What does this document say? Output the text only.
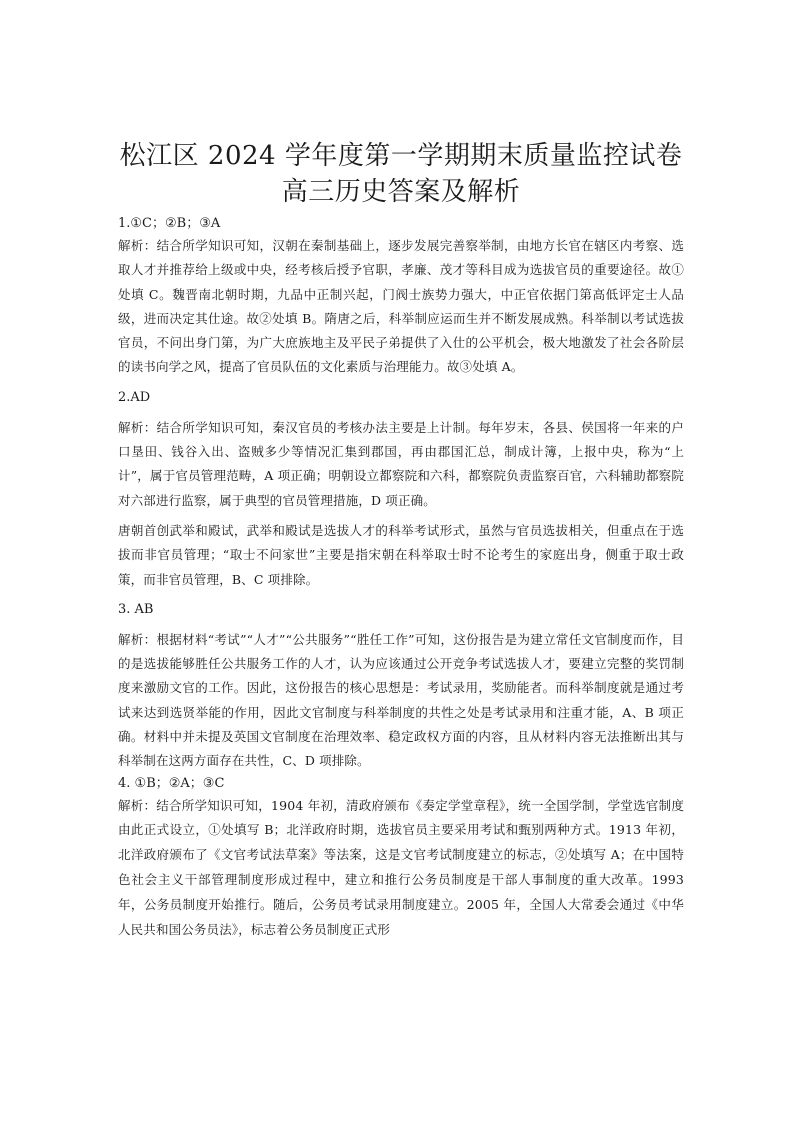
松江区 2024 学年度第一学期期末质量监控试卷
高三历史答案及解析

1.①C；②B；③A

解析：结合所学知识可知，汉朝在秦制基础上，逐步发展完善察举制，由地方长官在辖区内考察、选取人才并推荐给上级或中央，经考核后授予官职，孝廉、茂才等科目成为选拔官员的重要途径。故①处填 C。魏晋南北朝时期，九品中正制兴起，门阀士族势力强大，中正官依据门第高低评定士人品级，进而决定其仕途。故②处填 B。隋唐之后，科举制应运而生并不断发展成熟。科举制以考试选拔官员，不问出身门第，为广大庶族地主及平民子弟提供了入仕的公平机会，极大地激发了社会各阶层的读书向学之风，提高了官员队伍的文化素质与治理能力。故③处填 A。

2.AD

解析：结合所学知识可知，秦汉官员的考核办法主要是上计制。每年岁末，各县、侯国将一年来的户口垦田、钱谷入出、盗贼多少等情况汇集到郡国，再由郡国汇总，制成计簿，上报中央，称为“上计”，属于官员管理范畴，A 项正确；明朝设立都察院和六科，都察院负责监察百官，六科辅助都察院对六部进行监察，属于典型的官员管理措施，D 项正确。

唐朝首创武举和殿试，武举和殿试是选拔人才的科举考试形式，虽然与官员选拔相关，但重点在于选拔而非官员管理；“取士不问家世”主要是指宋朝在科举取士时不论考生的家庭出身，侧重于取士政策，而非官员管理，B、C 项排除。

3. AB

解析：根据材料“考试”“人才”“公共服务”“胜任工作”可知，这份报告是为建立常任文官制度而作，目的是选拔能够胜任公共服务工作的人才，认为应该通过公开竞争考试选拔人才，要建立完整的奖罚制度来激励文官的工作。因此，这份报告的核心思想是：考试录用，奖励能者。而科举制度就是通过考试来达到选贤举能的作用，因此文官制度与科举制度的共性之处是考试录用和注重才能，A、B 项正确。材料中并未提及英国文官制度在治理效率、稳定政权方面的内容，且从材料内容无法推断出其与科举制在这两方面存在共性，C、D 项排除。

4. ①B；②A；③C

解析：结合所学知识可知，1904 年初，清政府颁布《奏定学堂章程》，统一全国学制，学堂选官制度由此正式设立，①处填写 B；北洋政府时期，选拔官员主要采用考试和甄别两种方式。1913 年初，北洋政府颁布了《文官考试法草案》等法案，这是文官考试制度建立的标志，②处填写 A；在中国特色社会主义干部管理制度形成过程中，建立和推行公务员制度是干部人事制度的重大改革。1993 年，公务员制度开始推行。随后，公务员考试录用制度建立。2005 年，全国人大常委会通过《中华人民共和国公务员法》，标志着公务员制度正式形
